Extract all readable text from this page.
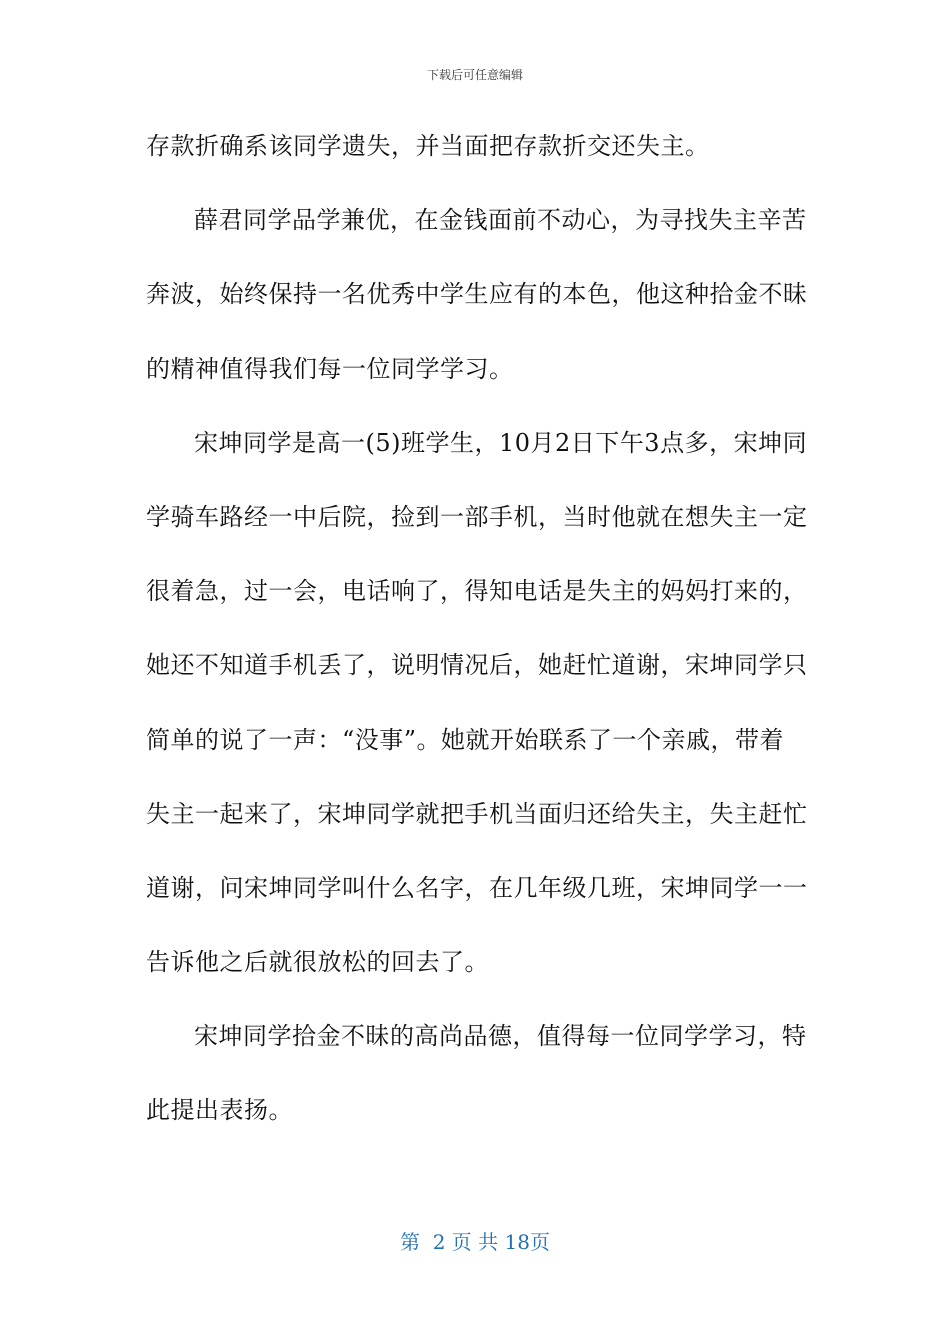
下载后可任意编辑
存款折确系该同学遗失，并当面把存款折交还失主。
薛君同学品学兼优，在金钱面前不动心，为寻找失主辛苦
奔波，始终保持一名优秀中学生应有的本色，他这种拾金不昧
的精神值得我们每一位同学学习。
宋坤同学是高一(5)班学生，10月2日下午3点多，宋坤同
学骑车路经一中后院，捡到一部手机，当时他就在想失主一定
很着急，过一会，电话响了，得知电话是失主的妈妈打来的，
她还不知道手机丢了，说明情况后，她赶忙道谢，宋坤同学只
简单的说了一声：“没事”。她就开始联系了一个亲戚，带着
失主一起来了，宋坤同学就把手机当面归还给失主，失主赶忙
道谢，问宋坤同学叫什么名字，在几年级几班，宋坤同学一一
告诉他之后就很放松的回去了。
宋坤同学拾金不昧的高尚品德，值得每一位同学学习，特
此提出表扬。
第  2 页 共 18页
